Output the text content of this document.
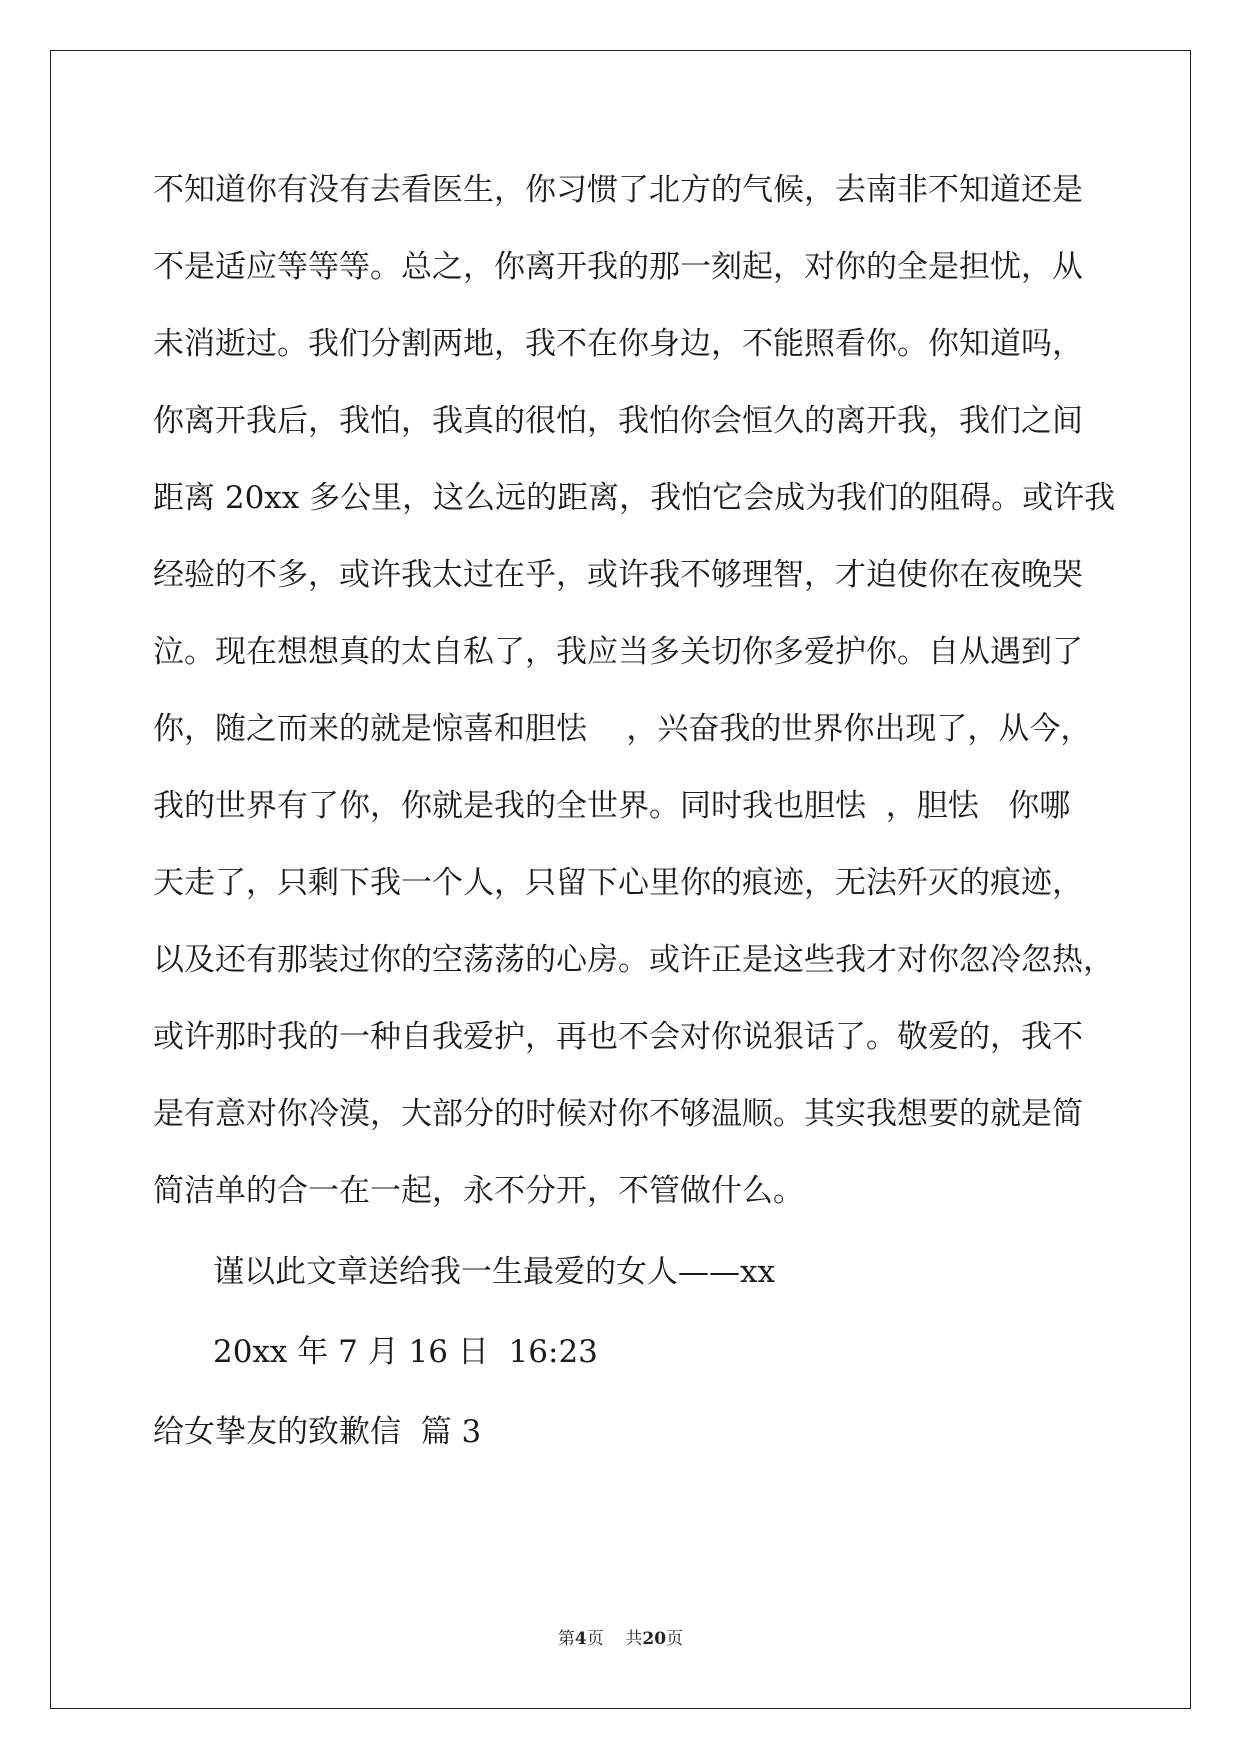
不知道你有没有去看医生，你习惯了北方的气候，去南非不知道还是
不是适应等等等。总之，你离开我的那一刻起，对你的全是担忧，从
未消逝过。我们分割两地，我不在你身边，不能照看你。你知道吗，
你离开我后，我怕，我真的很怕，我怕你会恒久的离开我，我们之间
距离 20xx 多公里，这么远的距离，我怕它会成为我们的阻碍。或许我
经验的不多，或许我太过在乎，或许我不够理智，才迫使你在夜晚哭
泣。现在想想真的太自私了，我应当多关切你多爱护你。自从遇到了
你，随之而来的就是惊喜和胆怯    ，兴奋我的世界你出现了，从今，
我的世界有了你，你就是我的全世界。同时我也胆怯  ，胆怯   你哪
天走了，只剩下我一个人，只留下心里你的痕迹，无法歼灭的痕迹，
以及还有那装过你的空荡荡的心房。或许正是这些我才对你忽冷忽热，
或许那时我的一种自我爱护，再也不会对你说狠话了。敬爱的，我不
是有意对你冷漠，大部分的时候对你不够温顺。其实我想要的就是简
简洁单的合一在一起，永不分开，不管做什么。
谨以此文章送给我一生最爱的女人——xx
20xx 年 7 月 16 日  16:23
给女挚友的致歉信  篇 3
第4页 共20页
